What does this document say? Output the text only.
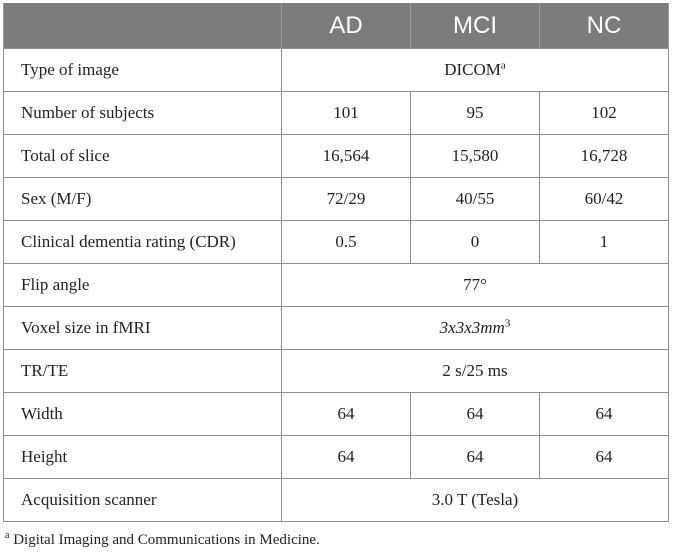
	AD	MCI	NC
Type of image	DICOM$^a$
Number of subjects	101	95	102
Total of slice	16,564	15,580	16,728
Sex (M/F)	72/29	40/55	60/42
Clinical dementia rating (CDR)	0.5	0	1
Flip angle	77°		
Voxel size in fMRI	$3x3x3mm^3$
TR/TE	2 s/25 ms		
Width	64	64	64
Height	64	64	64
Acquisition scanner	3.0 T (Tesla)		
$^a$ Digital Imaging and Communications in Medicine.
